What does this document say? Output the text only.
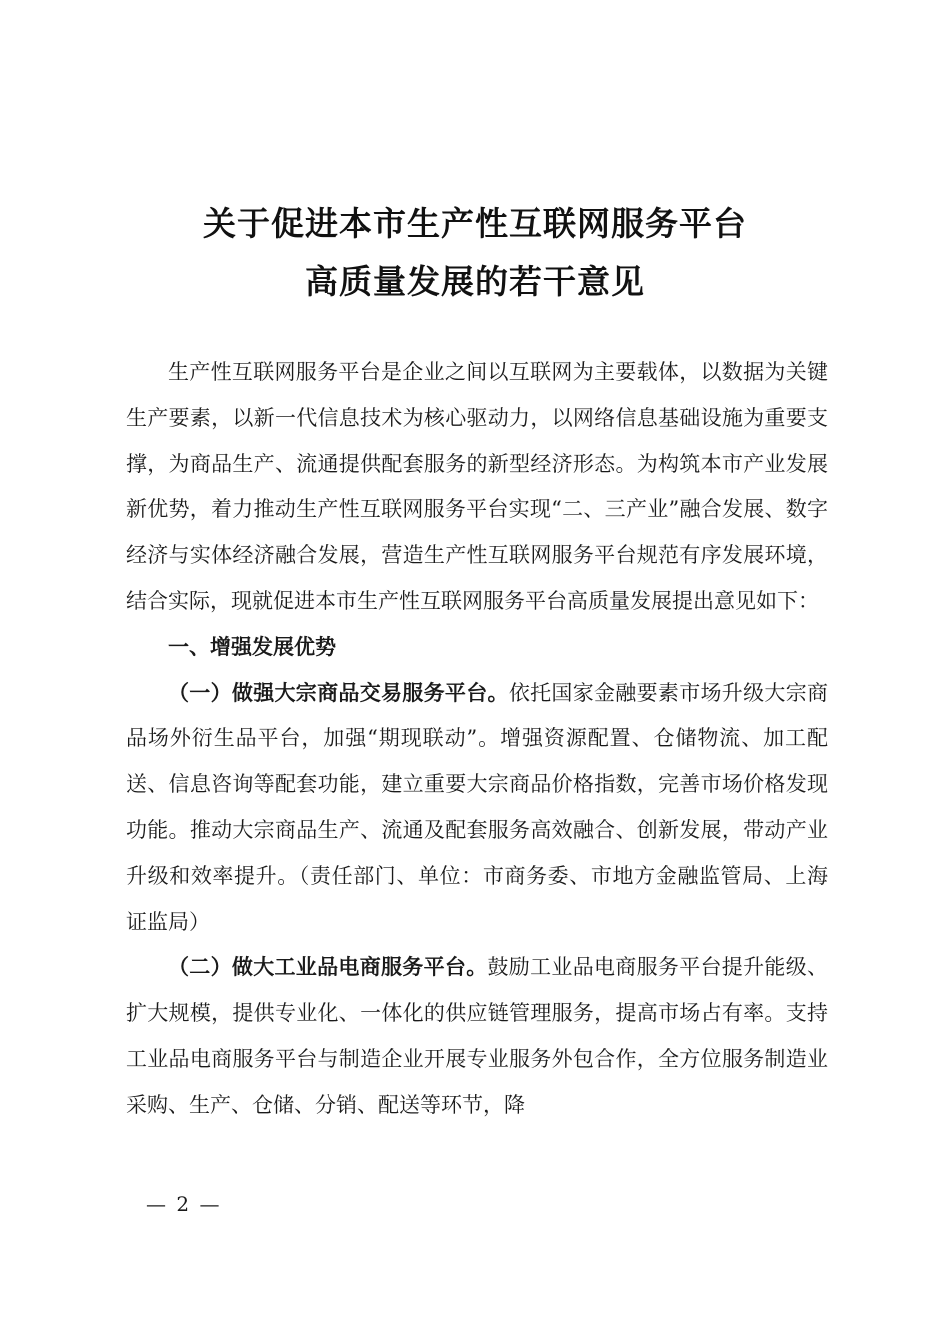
关于促进本市生产性互联网服务平台
高质量发展的若干意见

生产性互联网服务平台是企业之间以互联网为主要载体，以数据为关键生产要素，以新一代信息技术为核心驱动力，以网络信息基础设施为重要支撑，为商品生产、流通提供配套服务的新型经济形态。为构筑本市产业发展新优势，着力推动生产性互联网服务平台实现“二、三产业”融合发展、数字经济与实体经济融合发展，营造生产性互联网服务平台规范有序发展环境，结合实际，现就促进本市生产性互联网服务平台高质量发展提出意见如下：

一、增强发展优势

（一）做强大宗商品交易服务平台。依托国家金融要素市场升级大宗商品场外衍生品平台，加强“期现联动”。增强资源配置、仓储物流、加工配送、信息咨询等配套功能，建立重要大宗商品价格指数，完善市场价格发现功能。推动大宗商品生产、流通及配套服务高效融合、创新发展，带动产业升级和效率提升。（责任部门、单位：市商务委、市地方金融监管局、上海证监局）

（二）做大工业品电商服务平台。鼓励工业品电商服务平台提升能级、扩大规模，提供专业化、一体化的供应链管理服务，提高市场占有率。支持工业品电商服务平台与制造企业开展专业服务外包合作，全方位服务制造业采购、生产、仓储、分销、配送等环节，降

— 2 —
